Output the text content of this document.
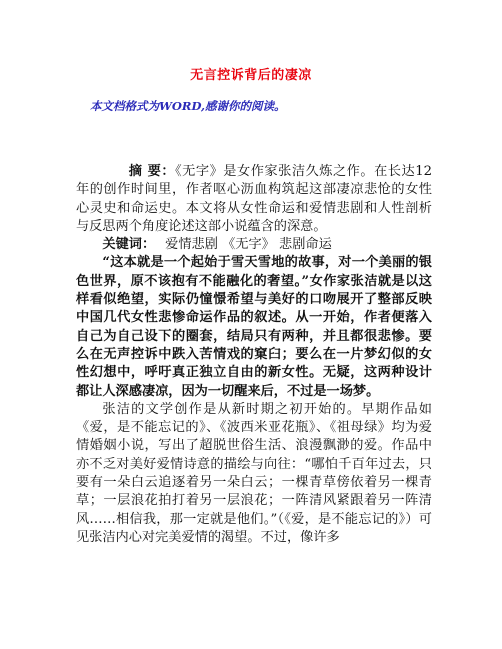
无言控诉背后的凄凉
本文档格式为WORD,感谢你的阅读。

摘 要：《无字》是女作家张洁久炼之作。在长达12年的创作时间里，作者呕心沥血构筑起这部凄凉悲怆的女性心灵史和命运史。本文将从女性命运和爱情悲剧和人性剖析与反思两个角度论述这部小说蕴含的深意。

关键词： 爱情悲剧 《无字》 悲剧命运

“这本就是一个起始于雪天雪地的故事，对一个美丽的银色世界，原不该抱有不能融化的奢望。”女作家张洁就是以这样看似绝望，实际仍憧憬希望与美好的口吻展开了整部反映中国几代女性悲惨命运作品的叙述。从一开始，作者便落入自己为自己设下的圈套，结局只有两种，并且都很悲惨。要么在无声控诉中跌入苦情戏的窠臼；要么在一片梦幻似的女性幻想中，呼吁真正独立自由的新女性。无疑，这两种设计都让人深感凄凉，因为一切醒来后，不过是一场梦。

张洁的文学创作是从新时期之初开始的。早期作品如《爱，是不能忘记的》、《波西米亚花瓶》、《祖母绿》均为爱情婚姻小说，写出了超脱世俗生活、浪漫飘渺的爱。作品中亦不乏对美好爱情诗意的描绘与向往：“哪怕千百年过去，只要有一朵白云追逐着另一朵白云；一棵青草傍依着另一棵青草；一层浪花拍打着另一层浪花；一阵清风紧跟着另一阵清风……相信我，那一定就是他们。”（《爱，是不能忘记的》）可见张洁内心对完美爱情的渴望。不过，像许多
